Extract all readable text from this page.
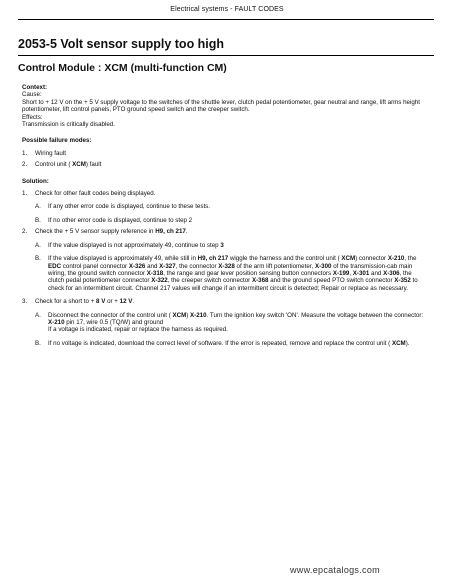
Electrical systems - FAULT CODES
2053-5 Volt sensor supply too high
Control Module : XCM (multi-function CM)
Context:
Cause:
Short to + 12 V on the + 5 V supply voltage to the switches of the shuttle lever, clutch pedal potentiometer, gear neutral and range, lift arms height potentiometer, lift control panels, PTO ground speed switch and the creeper switch.
Effects:
Transmission is critically disabled.
Possible failure modes:
1. Wiring fault
2. Control unit ( XCM) fault
Solution:
1. Check for other fault codes being displayed.
A. If any other error code is displayed, continue to these tests.
B. If no other error code is displayed, continue to step 2
2. Check the + 5 V sensor supply reference in H9, ch 217.
A. If the value displayed is not approximately 49, continue to step 3
B. If the value displayed is approximately 49, while still in H9, ch 217 wiggle the harness and the control unit ( XCM) connector X-210, the EDC control panel connector X-326 and X-327, the connector X-328 of the arm lift potentiometer, X-300 of the transmission-cab main wiring, the ground switch connector X-318, the range and gear lever position sensing button connectors X-199, X-301 and X-306, the clutch pedal potentiometer connector X-322, the creeper switch connector X-368 and the ground speed PTO switch connector X-352 to check for an intermittent circuit. Channel 217 values will change if an intermittent circuit is detected; Repair or replace as necessary.
3. Check for a short to + 8 V or + 12 V.
A. Disconnect the connector of the control unit ( XCM) X-210. Turn the ignition key switch 'ON'. Measure the voltage between the connector:
X-210 pin 17, wire 0.5 (TQ/W) and ground
If a voltage is indicated, repair or replace the harness as required.
B. If no voltage is indicated, download the correct level of software. If the error is repeated, remove and replace the control unit ( XCM).
www.epcatalogs.com
